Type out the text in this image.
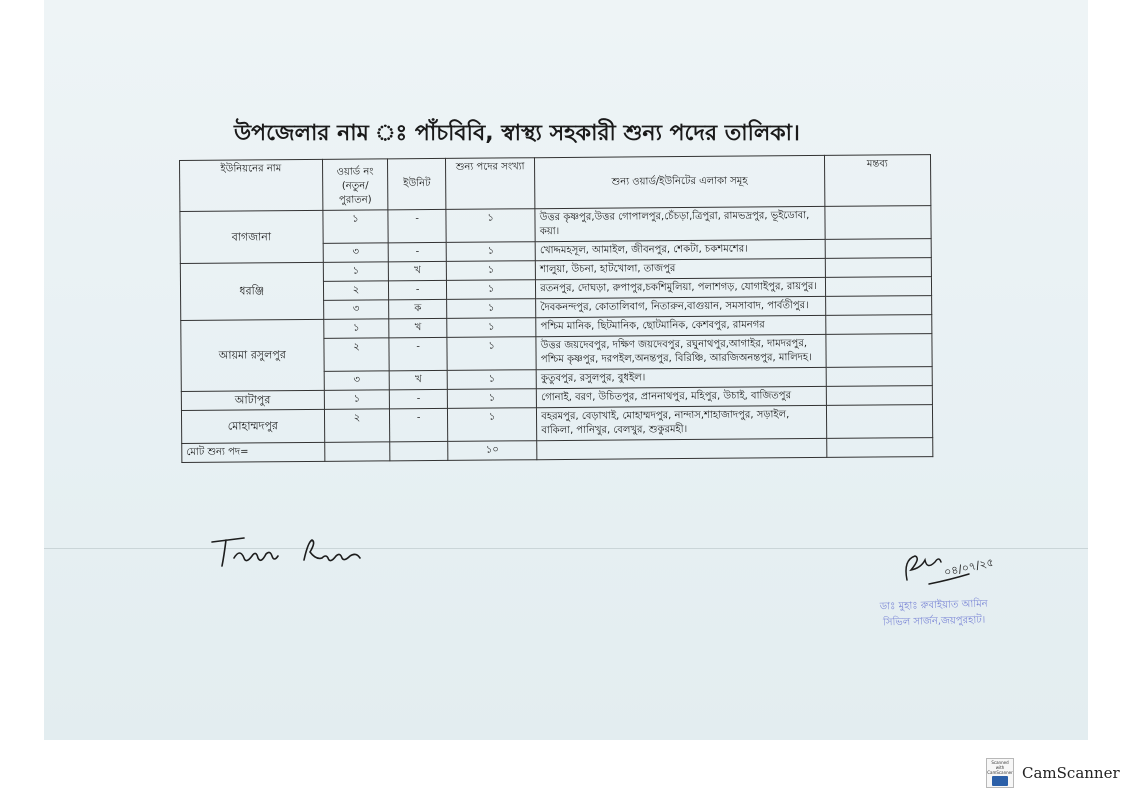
উপজেলার নাম ঃ পাঁচবিবি, স্বাস্থ্য সহকারী শুন্য পদের তালিকা।
ইউনিয়নের নাম	ওয়ার্ড নং (নতুন/পুরাতন)	ইউনিট	শুন্য পদের সংখ্যা	শুন্য ওয়ার্ড/ইউনিটের এলাকা সমূহ	মন্তব্য
বাগজানা	১	-	১	উত্তর কৃষ্ণপুর,উত্তর গোপালপুর,চেঁচড়া,ত্রিপুরা, রামভদ্রপুর, ভূইডোবা, কয়া।	
	৩	-	১	খোদ্দমহসূল, আমাইল, জীবনপুর, শেকটা, চকশমশের।	
ধরঞ্জি	১	খ	১	শালুয়া, উচনা, হাটখোলা, তাজপুর	
	২	-	১	রতনপুর, দোঘড়া, রুপাপুর,চকশিমুলিয়া, পলাশগড়, যোগাইপুর, রায়পুর।	
	৩	ক	১	দৈবকনন্দপুর, কোতালিবাগ, নিতারুন,বাগুয়ান, সমসাবাদ, পার্বতীপুর।	
আয়মা রসুলপুর	১	খ	১	পশ্চিম মানিক, ছিটমানিক, ছোটমানিক, কেশবপুর, রামনগর	
	২	-	১	উত্তর জয়দেবপুর, দক্ষিণ জয়দেবপুর, রঘুনাথপুর,আগাইর, দামদরপুর, পশ্চিম কৃষ্ণপুর, দরপইল,অনন্তপুর, বিরিঞ্চি, আরজিঅনন্তপুর, মালিদহ।	
	৩	খ	১	কুতুবপুর, রসুলপুর, বুধইল।	
আটাপুর	১	-	১	গোনাই, বরণ, উচিতপুর, প্রাননাথপুর, মহিপুর, উচাই, বাজিতপুর	
মোহাম্মদপুর	২	-	১	বহরমপুর, বেড়াখাই, মোহাম্মদপুর, নান্দাস,শাহাজাদপুর, সড়াইল, বাকিলা, পানিখুর, বেলখুর, শুকুরমহী।	
মোট শুন্য পদ=			১০		
০৪/০৭/২৫
ডাঃ মুহাঃ রুবাইয়াত আমিন
সিভিল সার্জন,জয়পুরহাট।
Scanned with CamScanner CamScanner
